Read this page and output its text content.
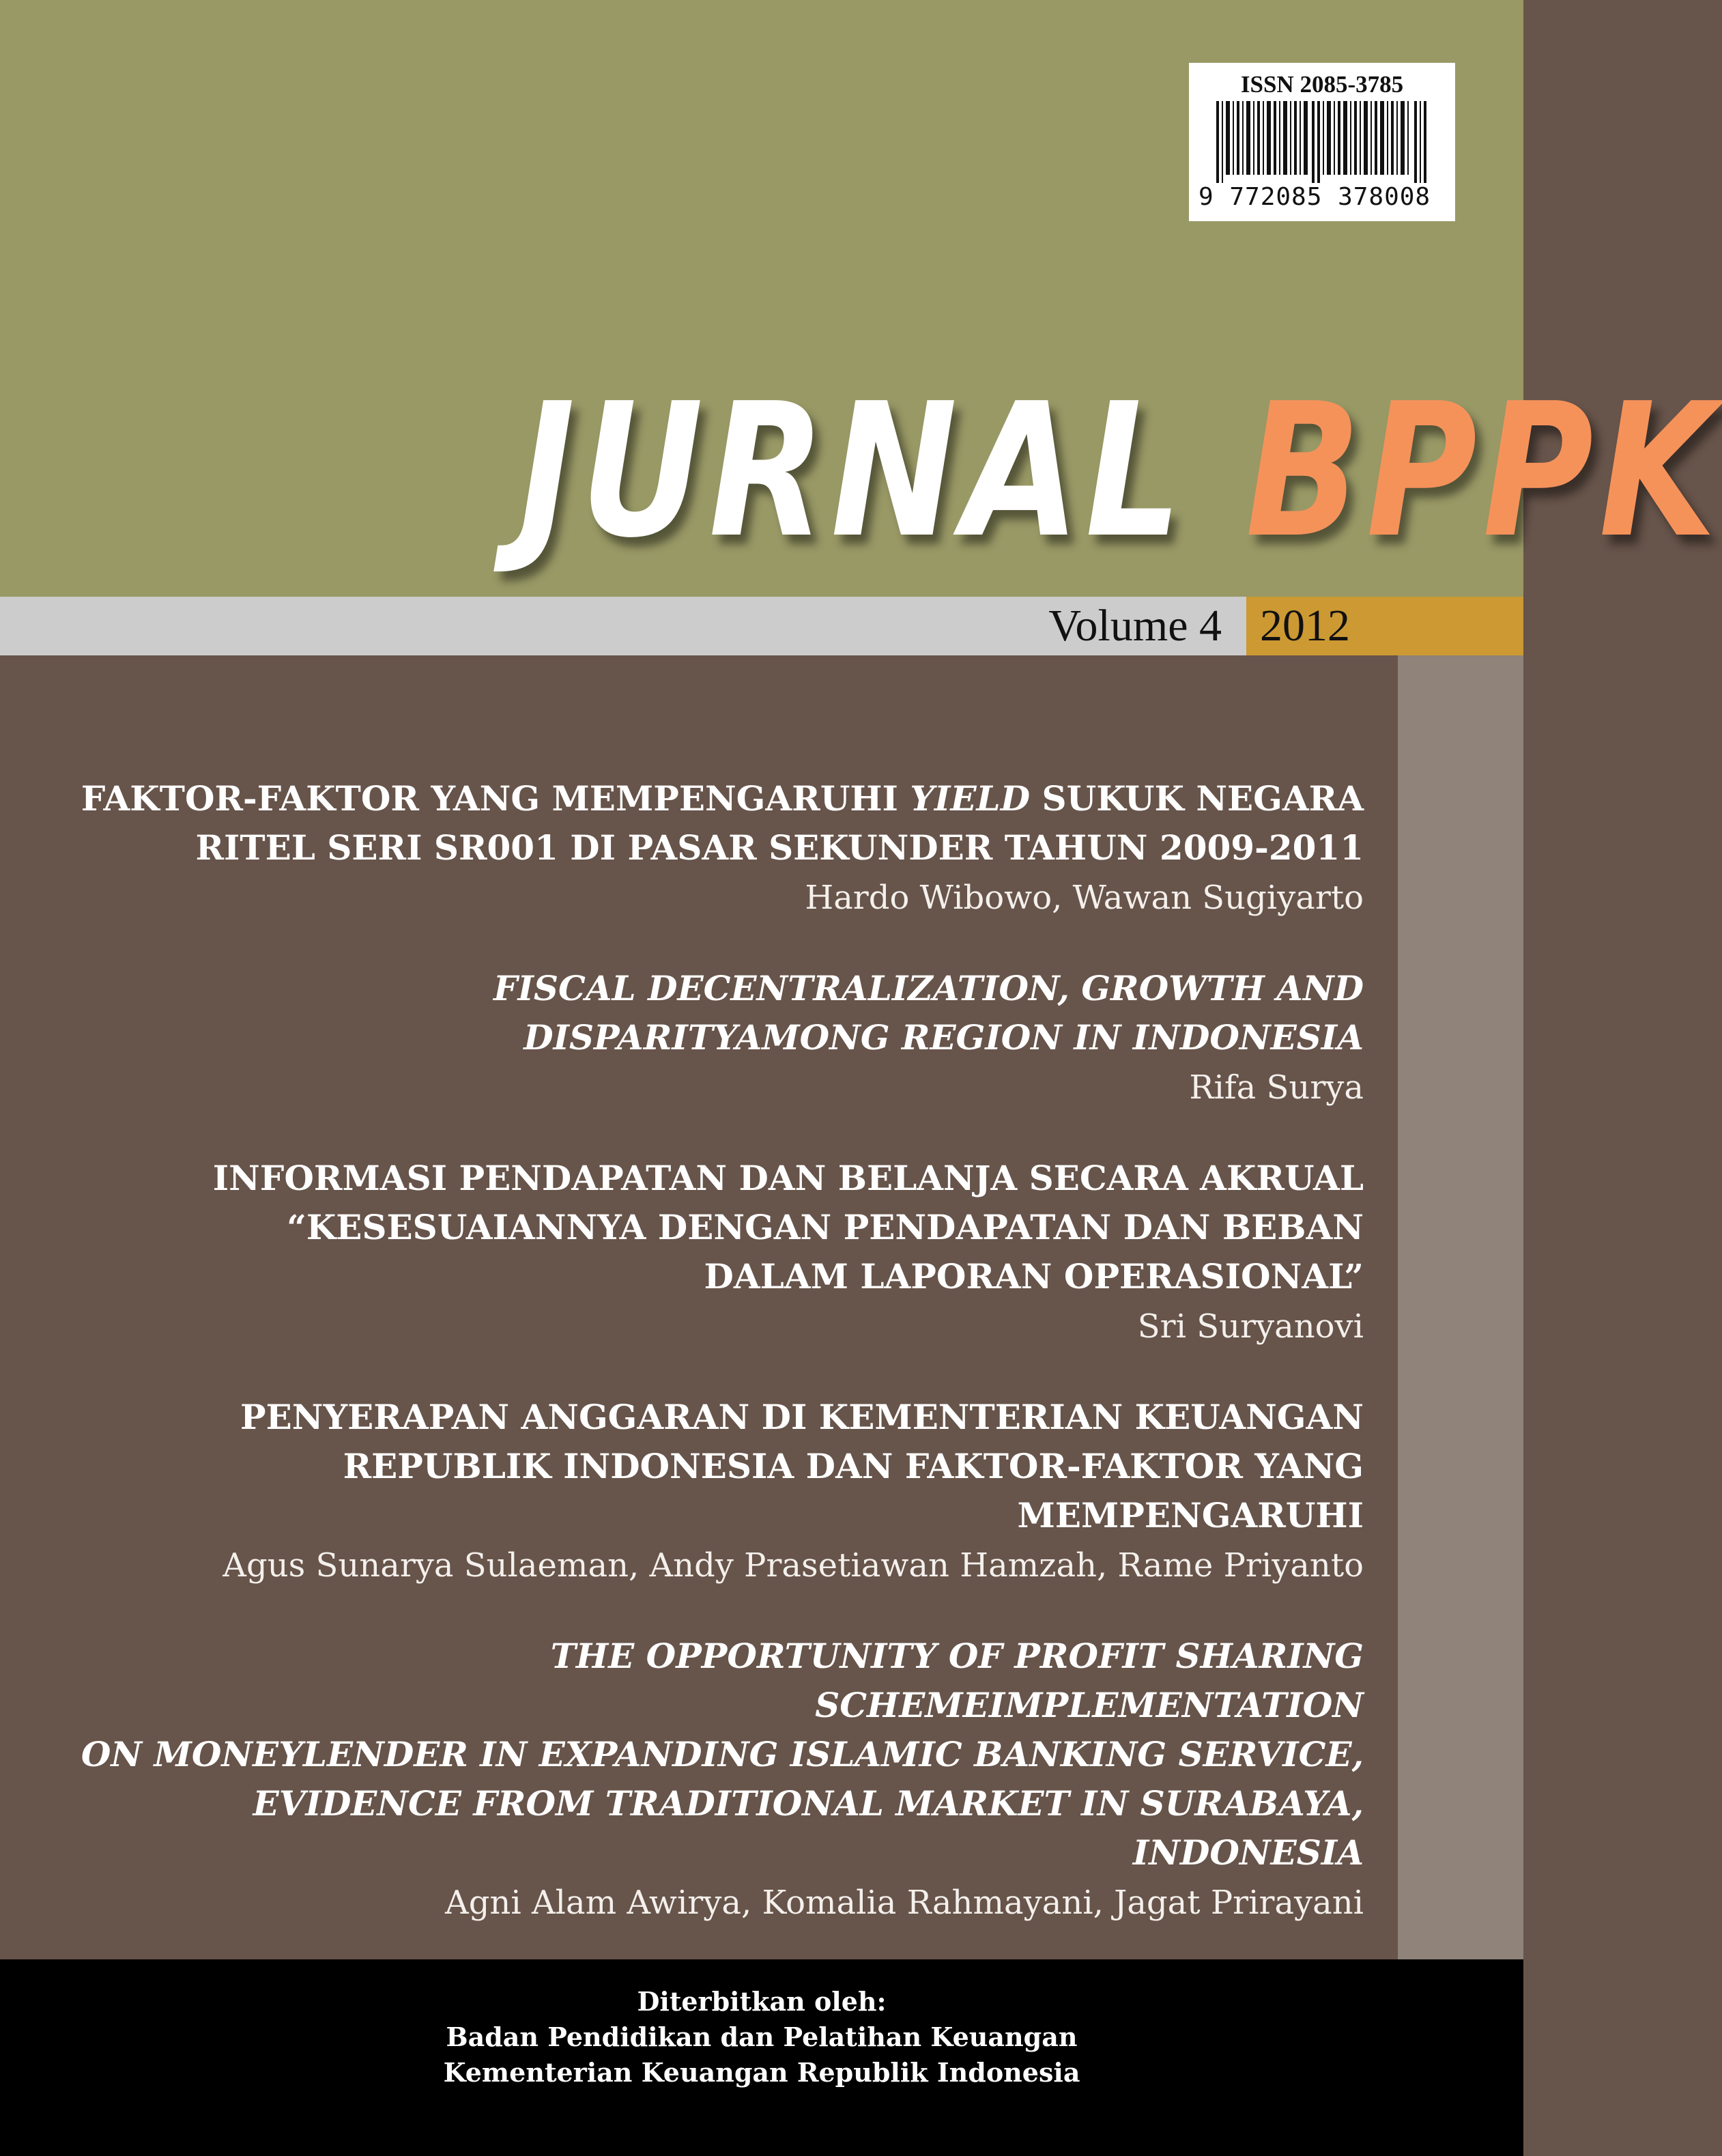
ISSN 2085-3785
9 772085 378008
JURNAL BPPK
Volume 4 2012
FAKTOR-FAKTOR YANG MEMPENGARUHI YIELD SUKUK NEGARA
RITEL SERI SR001 DI PASAR SEKUNDER TAHUN 2009-2011
Hardo Wibowo, Wawan Sugiyarto
FISCAL DECENTRALIZATION, GROWTH AND
DISPARITYAMONG REGION IN INDONESIA
Rifa Surya
INFORMASI PENDAPATAN DAN BELANJA SECARA AKRUAL
“KESESUAIANNYA DENGAN PENDAPATAN DAN BEBAN
DALAM LAPORAN OPERASIONAL”
Sri Suryanovi
PENYERAPAN ANGGARAN DI KEMENTERIAN KEUANGAN
REPUBLIK INDONESIA DAN FAKTOR-FAKTOR YANG MEMPENGARUHI
Agus Sunarya Sulaeman, Andy Prasetiawan Hamzah, Rame Priyanto
THE OPPORTUNITY OF PROFIT SHARING SCHEMEIMPLEMENTATION
ON MONEYLENDER IN EXPANDING ISLAMIC BANKING SERVICE,
EVIDENCE FROM TRADITIONAL MARKET IN SURABAYA, INDONESIA
Agni Alam Awirya, Komalia Rahmayani, Jagat Prirayani
Diterbitkan oleh:
Badan Pendidikan dan Pelatihan Keuangan
Kementerian Keuangan Republik Indonesia
